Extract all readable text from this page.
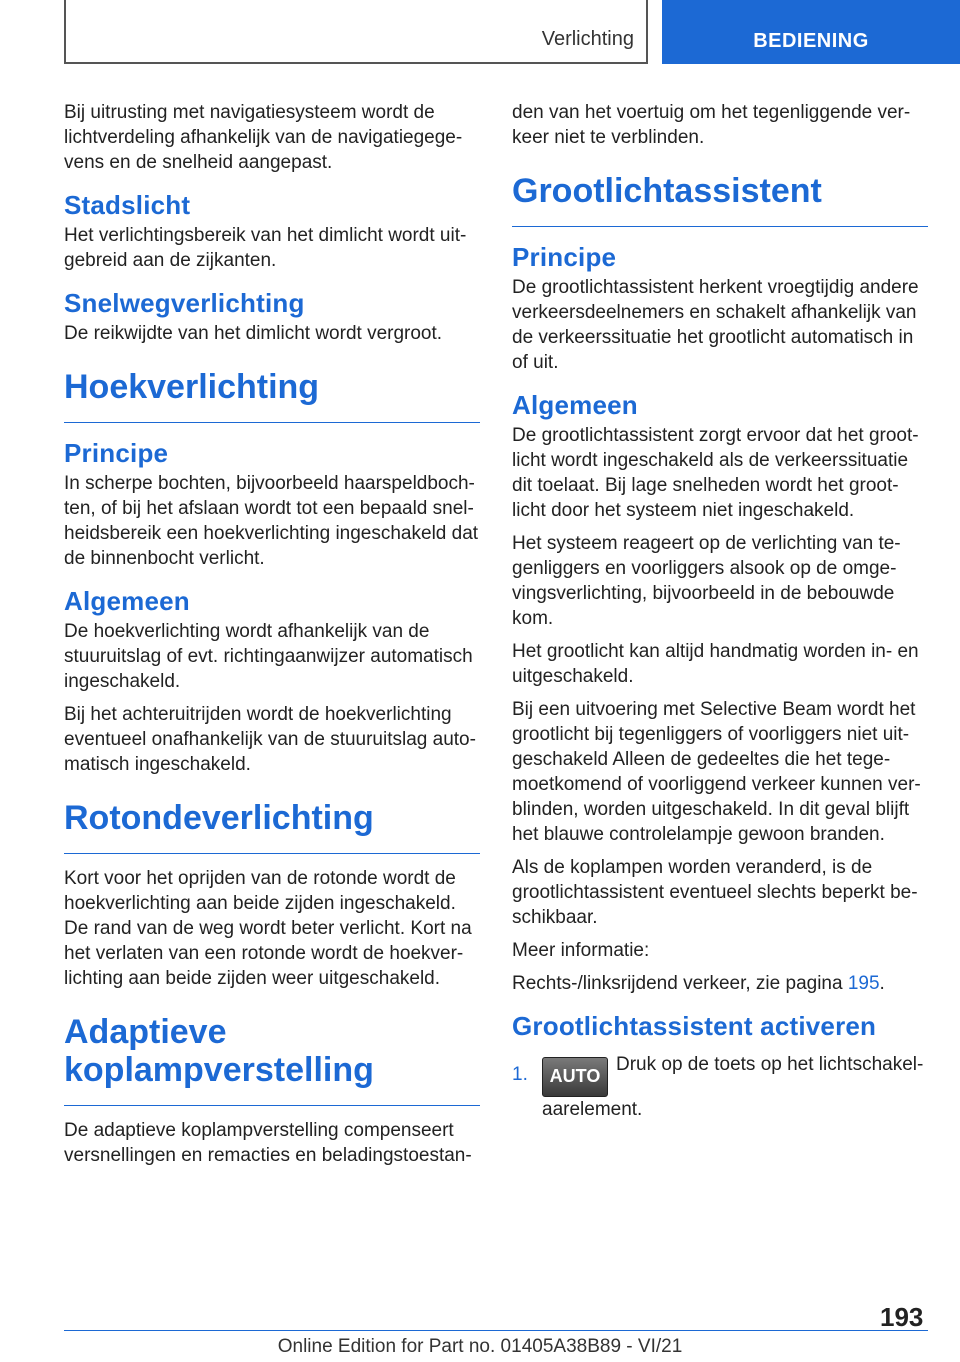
Verlichting	BEDIENING

Bij uitrusting met navigatiesysteem wordt de lichtverdeling afhankelijk van de navigatiegege-vens en de snelheid aangepast.

Stadslicht

Het verlichtingsbereik van het dimlicht wordt uit-gebreid aan de zijkanten.

Snelwegverlichting

De reikwijdte van het dimlicht wordt vergroot.

Hoekverlichting
Principe

In scherpe bochten, bijvoorbeeld haarspeldboch-ten, of bij het afslaan wordt tot een bepaald snel-heidsbereik een hoekverlichting ingeschakeld dat de binnenbocht verlicht.

Algemeen

De hoekverlichting wordt afhankelijk van de stuuruitslag of evt. richtingaanwijzer automatisch ingeschakeld.

Bij het achteruitrijden wordt de hoekverlichting eventueel onafhankelijk van de stuuruitslag auto-matisch ingeschakeld.

Rotondeverlichting

Kort voor het oprijden van de rotonde wordt de hoekverlichting aan beide zijden ingeschakeld. De rand van de weg wordt beter verlicht. Kort na het verlaten van een rotonde wordt de hoekver-lichting aan beide zijden weer uitgeschakeld.

Adaptieve koplampverstelling

De adaptieve koplampverstelling compenseert versnellingen en remacties en beladingstoestan-

den van het voertuig om het tegenliggende ver-keer niet te verblinden.

Grootlichtassistent
Principe

De grootlichtassistent herkent vroegtijdig andere verkeersdeelnemers en schakelt afhankelijk van de verkeerssituatie het grootlicht automatisch in of uit.

Algemeen

De grootlichtassistent zorgt ervoor dat het groot-licht wordt ingeschakeld als de verkeerssituatie dit toelaat. Bij lage snelheden wordt het groot-licht door het systeem niet ingeschakeld.

Het systeem reageert op de verlichting van te-genliggers en voorliggers alsook op de omge-vingsverlichting, bijvoorbeeld in de bebouwde kom.

Het grootlicht kan altijd handmatig worden in- en uitgeschakeld.

Bij een uitvoering met Selective Beam wordt het grootlicht bij tegenliggers of voorliggers niet uit-geschakeld Alleen de gedeeltes die het tege-moetkomend of voorliggend verkeer kunnen ver-blinden, worden uitgeschakeld. In dit geval blijft het blauwe controlelampje gewoon branden.

Als de koplampen worden veranderd, is de grootlichtassistent eventueel slechts beperkt be-schikbaar.

Meer informatie:

Rechts-/linksrijdend verkeer, zie pagina 195.

Grootlichtassistent activeren
1. AUTODruk op de toets op het lichtschakel-aarelement.
193
Online Edition for Part no. 01405A38B89 - VI/21
